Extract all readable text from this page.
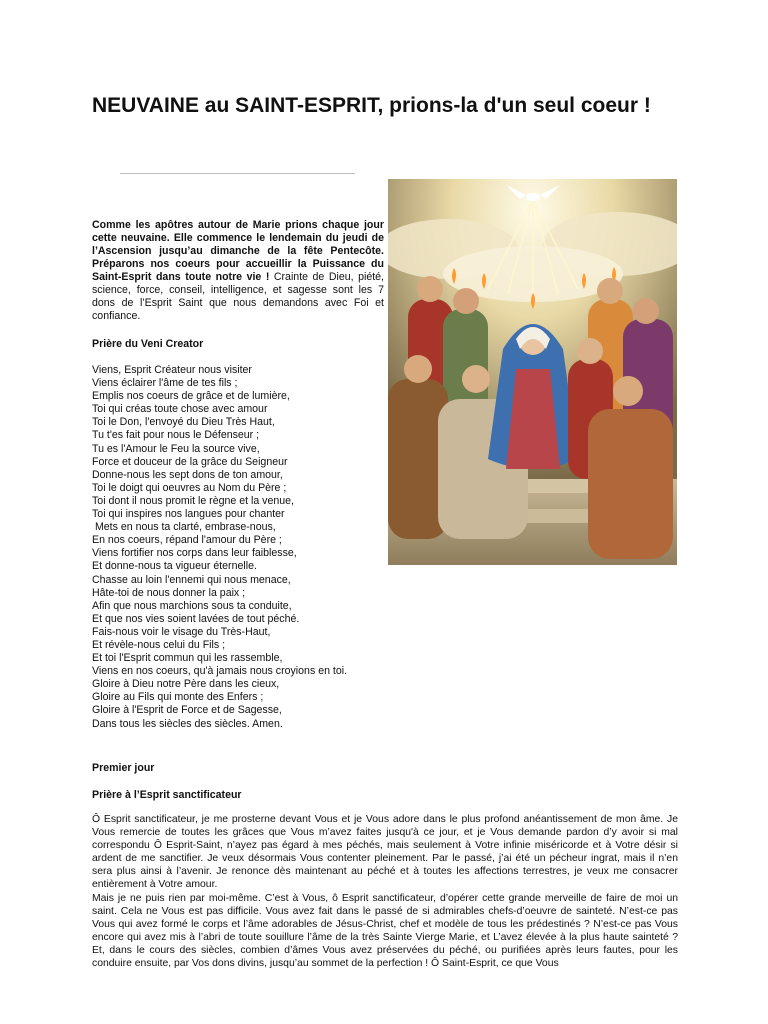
NEUVAINE au SAINT-ESPRIT, prions-la d'un seul coeur !

Comme les apôtres autour de Marie prions chaque jour cette neuvaine. Elle commence le lendemain du jeudi de l’Ascension jusqu’au dimanche de la fête Pentecôte. Préparons nos coeurs pour accueillir la Puissance du Saint-Esprit dans toute notre vie ! Crainte de Dieu, piété, science, force, conseil, intelligence, et sagesse sont les 7 dons de l’Esprit Saint que nous demandons avec Foi et confiance.

Prière du Veni Creator

Viens, Esprit Créateur nous visiter
Viens éclairer l'âme de tes fils ;
Emplis nos coeurs de grâce et de lumière,
Toi qui créas toute chose avec amour
Toi le Don, l'envoyé du Dieu Très Haut,
Tu t'es fait pour nous le Défenseur ;
Tu es l'Amour le Feu la source vive,
Force et douceur de la grâce du Seigneur
Donne-nous les sept dons de ton amour,
Toi le doigt qui oeuvres au Nom du Père ;
Toi dont il nous promit le règne et la venue,
Toi qui inspires nos langues pour chanter
Mets en nous ta clarté, embrase-nous,
En nos coeurs, répand l'amour du Père ;
Viens fortifier nos corps dans leur faiblesse,
Et donne-nous ta vigueur éternelle.
Chasse au loin l'ennemi qui nous menace,
Hâte-toi de nous donner la paix ;
Afin que nous marchions sous ta conduite,
Et que nos vies soient lavées de tout péché.
Fais-nous voir le visage du Très-Haut,
Et révèle-nous celui du Fils ;
Et toi l'Esprit commun qui les rassemble,
Viens en nos coeurs, qu'à jamais nous croyions en toi.
Gloire à Dieu notre Père dans les cieux,
Gloire au Fils qui monte des Enfers ;
Gloire à l'Esprit de Force et de Sagesse,
Dans tous les siècles des siècles. Amen.

Premier jour

Prière à l’Esprit sanctificateur

Ô Esprit sanctificateur, je me prosterne devant Vous et je Vous adore dans le plus profond anéantissement de mon âme. Je Vous remercie de toutes les grâces que Vous m’avez faites jusqu'à ce jour, et je Vous demande pardon d’y avoir si mal correspondu Ô Esprit-Saint, n’ayez pas égard à mes péchés, mais seulement à Votre infinie miséricorde et à Votre désir si ardent de me sanctifier. Je veux désormais Vous contenter pleinement. Par le passé, j’ai été un pécheur ingrat, mais il n’en sera plus ainsi à l’avenir. Je renonce dès maintenant au péché et à toutes les affections terrestres, je veux me consacrer entièrement à Votre amour.
Mais je ne puis rien par moi-même. C’est à Vous, ô Esprit sanctificateur, d’opérer cette grande merveille de faire de moi un saint. Cela ne Vous est pas difficile. Vous avez fait dans le passé de si admirables chefs-d’oeuvre de sainteté. N’est-ce pas Vous qui avez formé le corps et l’âme adorables de Jésus-Christ, chef et modèle de tous les prédestinés ? N’est-ce pas Vous encore qui avez mis à l’abri de toute souillure l’âme de la très Sainte Vierge Marie, et L’avez élevée à la plus haute sainteté ? Et, dans le cours des siècles, combien d’âmes Vous avez préservées du péché, ou purifiées après leurs fautes, pour les conduire ensuite, par Vos dons divins, jusqu’au sommet de la perfection ! Ô Saint-Esprit, ce que Vous
